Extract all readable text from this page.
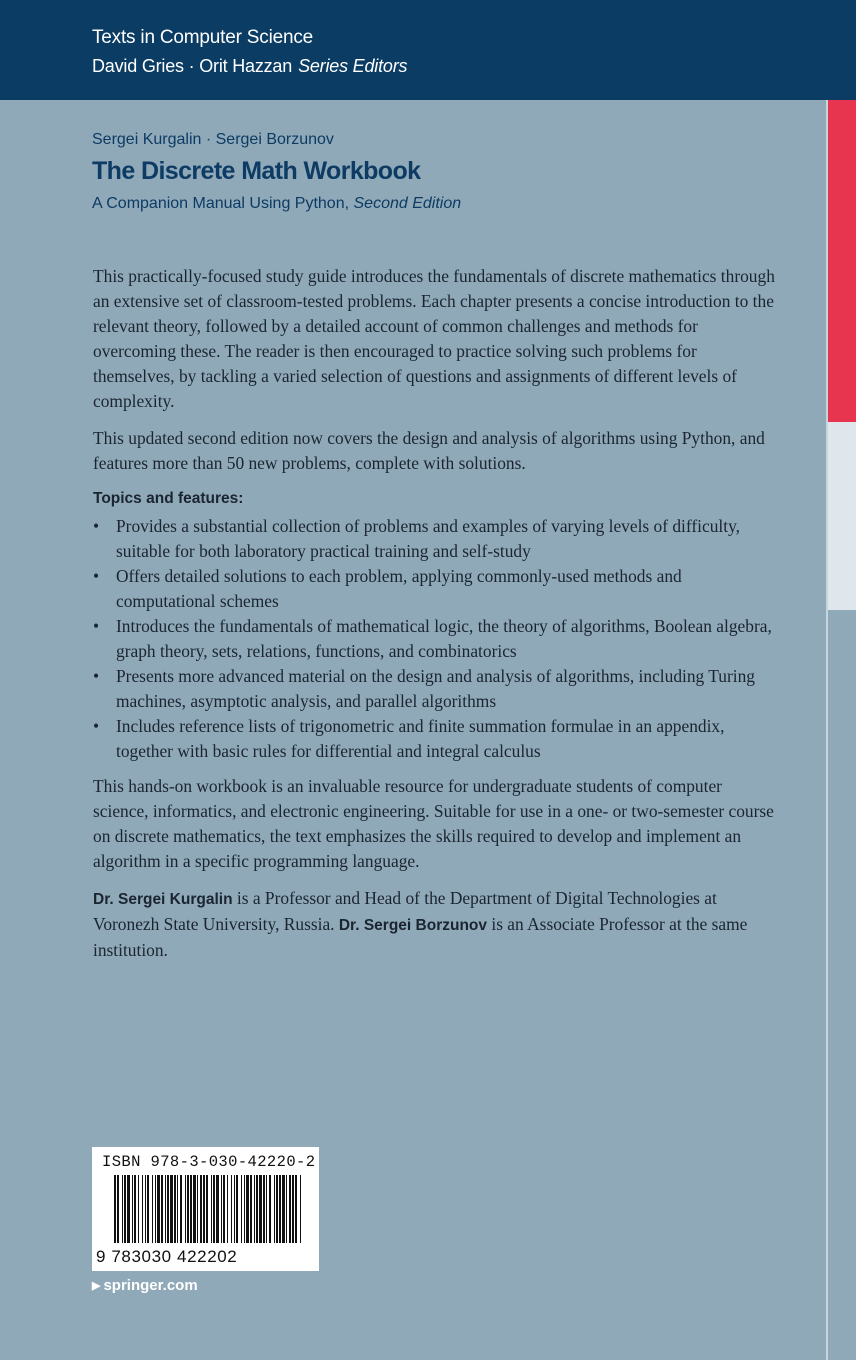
Texts in Computer Science
David Gries · Orit Hazzan Series Editors
Sergei Kurgalin · Sergei Borzunov
The Discrete Math Workbook
A Companion Manual Using Python, Second Edition

This practically-focused study guide introduces the fundamentals of discrete mathematics through an extensive set of classroom-tested problems. Each chapter presents a concise introduction to the relevant theory, followed by a detailed account of common challenges and methods for overcoming these. The reader is then encouraged to practice solving such problems for themselves, by tackling a varied selection of questions and assignments of different levels of complexity.

This updated second edition now covers the design and analysis of algorithms using Python, and features more than 50 new problems, complete with solutions.

Topics and features:
• Provides a substantial collection of problems and examples of varying levels of difficulty, suitable for both laboratory practical training and self-study
• Offers detailed solutions to each problem, applying commonly-used methods and computational schemes
• Introduces the fundamentals of mathematical logic, the theory of algorithms, Boolean algebra, graph theory, sets, relations, functions, and combinatorics
• Presents more advanced material on the design and analysis of algorithms, including Turing machines, asymptotic analysis, and parallel algorithms
• Includes reference lists of trigonometric and finite summation formulae in an appendix, together with basic rules for differential and integral calculus

This hands-on workbook is an invaluable resource for undergraduate students of computer science, informatics, and electronic engineering. Suitable for use in a one- or two-semester course on discrete mathematics, the text emphasizes the skills required to develop and implement an algorithm in a specific programming language.

Dr. Sergei Kurgalin is a Professor and Head of the Department of Digital Technologies at Voronezh State University, Russia. Dr. Sergei Borzunov is an Associate Professor at the same institution.

ISBN 978-3-030-42220-2
9 783030 422202
▶ springer.com
